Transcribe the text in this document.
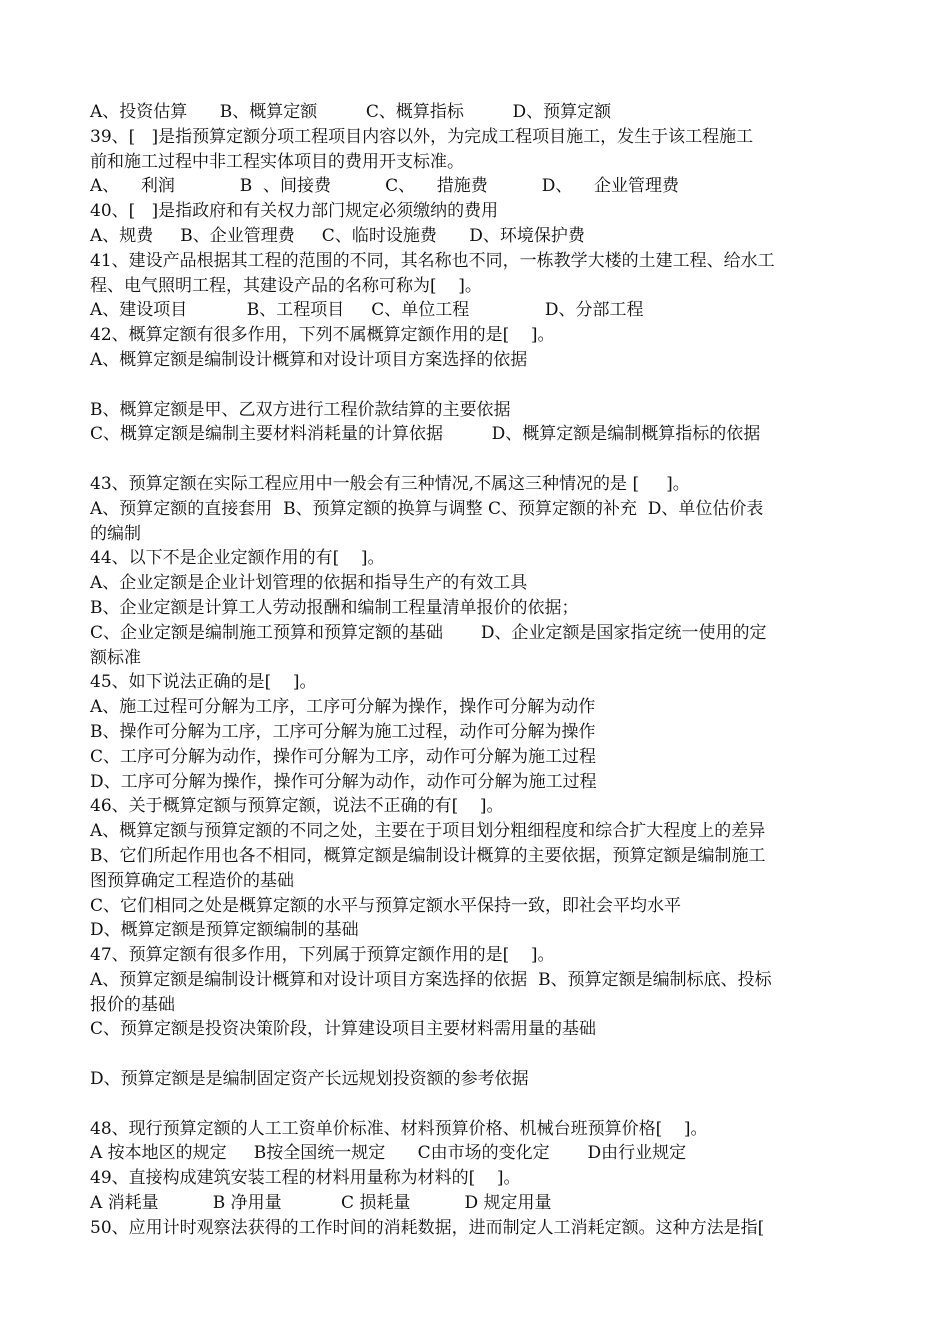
A、投资估算      B、概算定额         C、概算指标         D、预算定额
39、[   ]是指预算定额分项工程项目内容以外，为完成工程项目施工，发生于该工程施工
前和施工过程中非工程实体项目的费用开支标准。
A、    利润            B  、间接费          C、    措施费          D、    企业管理费
40、[   ]是指政府和有关权力部门规定必须缴纳的费用
A、规费     B、企业管理费     C、临时设施费      D、环境保护费
41、建设产品根据其工程的范围的不同，其名称也不同，一栋教学大楼的土建工程、给水工
程、电气照明工程，其建设产品的名称可称为[    ]。
A、建设项目           B、工程项目     C、单位工程              D、分部工程
42、概算定额有很多作用，下列不属概算定额作用的是[    ]。
A、概算定额是编制设计概算和对设计项目方案选择的依据
B、概算定额是甲、乙双方进行工程价款结算的主要依据
C、概算定额是编制主要材料消耗量的计算依据         D、概算定额是编制概算指标的依据
43、预算定额在实际工程应用中一般会有三种情况,不属这三种情况的是 [     ]。
A、预算定额的直接套用  B、预算定额的换算与调整 C、预算定额的补充  D、单位估价表
的编制
44、以下不是企业定额作用的有[    ]。
A、企业定额是企业计划管理的依据和指导生产的有效工具
B、企业定额是计算工人劳动报酬和编制工程量清单报价的依据；
C、企业定额是编制施工预算和预算定额的基础       D、企业定额是国家指定统一使用的定
额标准
45、如下说法正确的是[    ]。
A、施工过程可分解为工序，工序可分解为操作，操作可分解为动作
B、操作可分解为工序，工序可分解为施工过程，动作可分解为操作
C、工序可分解为动作，操作可分解为工序，动作可分解为施工过程
D、工序可分解为操作，操作可分解为动作，动作可分解为施工过程
46、关于概算定额与预算定额，说法不正确的有[    ]。
A、概算定额与预算定额的不同之处，主要在于项目划分粗细程度和综合扩大程度上的差异
B、它们所起作用也各不相同，概算定额是编制设计概算的主要依据，预算定额是编制施工
图预算确定工程造价的基础
C、它们相同之处是概算定额的水平与预算定额水平保持一致，即社会平均水平
D、概算定额是预算定额编制的基础
47、预算定额有很多作用，下列属于预算定额作用的是[    ]。
A、预算定额是编制设计概算和对设计项目方案选择的依据  B、预算定额是编制标底、投标
报价的基础
C、预算定额是投资决策阶段，计算建设项目主要材料需用量的基础
D、预算定额是是编制固定资产长远规划投资额的参考依据
48、现行预算定额的人工工资单价标准、材料预算价格、机械台班预算价格[    ]。
A 按本地区的规定     B按全国统一规定      C由市场的变化定       D由行业规定
49、直接构成建筑安装工程的材料用量称为材料的[    ]。
A 消耗量          B 净用量           C 损耗量          D 规定用量
50、应用计时观察法获得的工作时间的消耗数据，进而制定人工消耗定额。这种方法是指[
